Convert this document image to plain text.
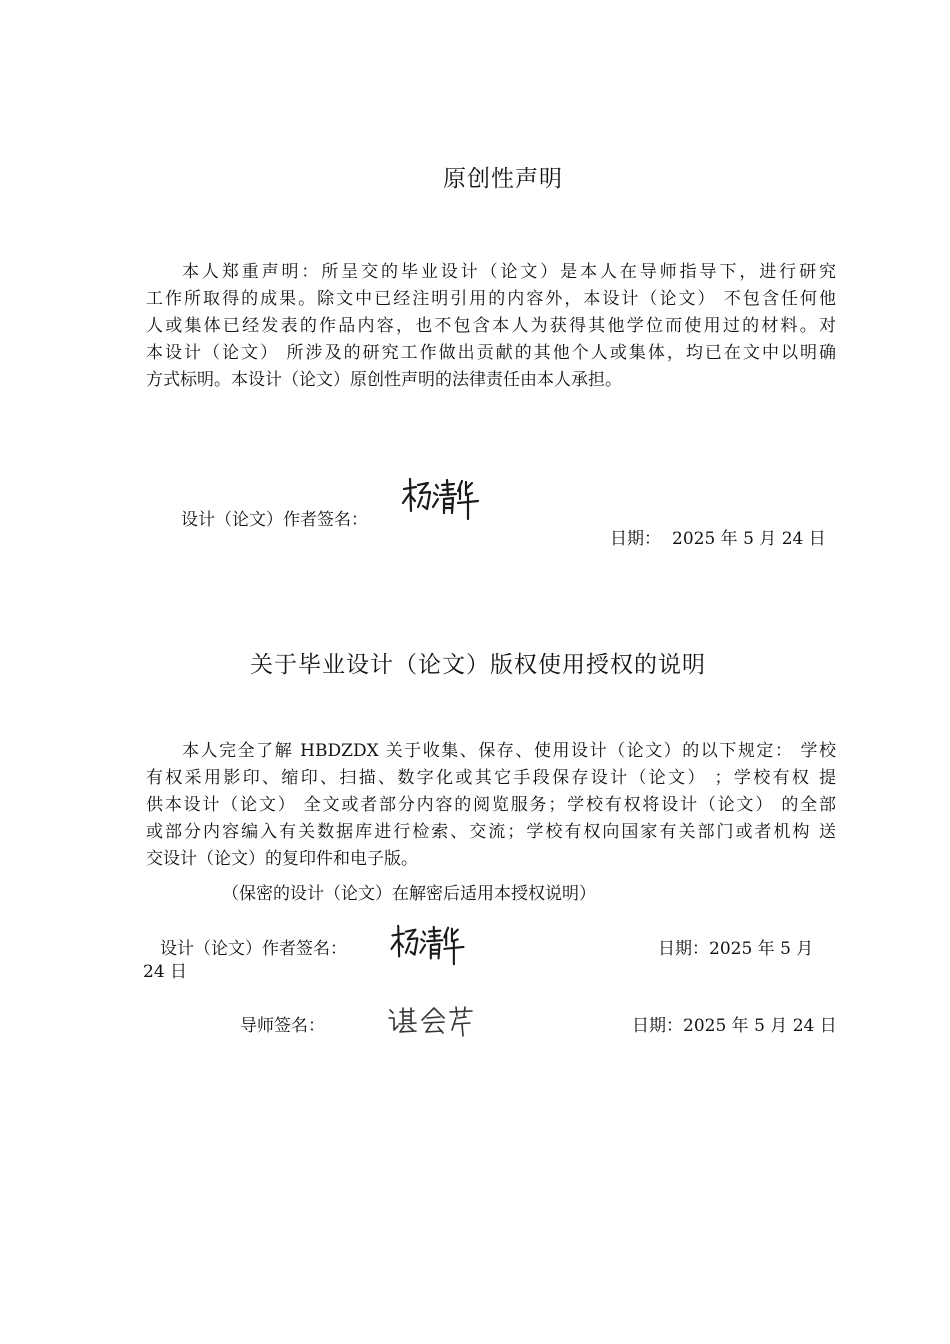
原创性声明
本人郑重声明：所呈交的毕业设计（论文）是本人在导师指导下，进行研究
工作所取得的成果。除文中已经注明引用的内容外，本设计（论文） 不包含任何他
人或集体已经发表的作品内容，也不包含本人为获得其他学位而使用过的材料。对
本设计（论文） 所涉及的研究工作做出贡献的其他个人或集体，均已在文中以明确
方式标明。本设计（论文）原创性声明的法律责任由本人承担。
设计（论文）作者签名：
日期： 2025 年 5 月 24 日
关于毕业设计（论文）版权使用授权的说明
本人完全了解 HBDZDX 关于收集、保存、使用设计（论文）的以下规定： 学校
有权采用影印、缩印、扫描、数字化或其它手段保存设计（论文） ；学校有权 提
供本设计（论文） 全文或者部分内容的阅览服务；学校有权将设计（论文） 的全部
或部分内容编入有关数据库进行检索、交流；学校有权向国家有关部门或者机构 送
交设计（论文）的复印件和电子版。
（保密的设计（论文）在解密后适用本授权说明）
设计（论文）作者签名：	日期：2025 年 5 月
24 日
导师签名：	日期：2025 年 5 月 24 日
